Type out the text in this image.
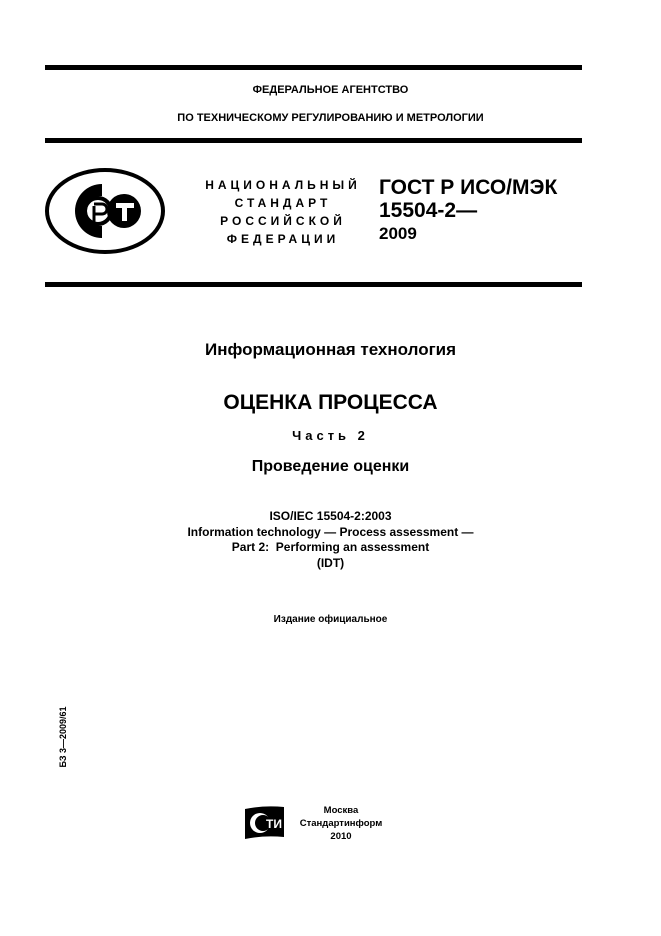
ФЕДЕРАЛЬНОЕ АГЕНТСТВО
ПО ТЕХНИЧЕСКОМУ РЕГУЛИРОВАНИЮ И МЕТРОЛОГИИ
НАЦИОНАЛЬНЫЙ
СТАНДАРТ
РОССИЙСКОЙ
ФЕДЕРАЦИИ
ГОСТ Р ИСО/МЭК
15504-2—
2009
Информационная технология
ОЦЕНКА ПРОЦЕССА
Часть 2
Проведение оценки
ISO/IEC 15504-2:2003
Information technology — Process assessment —
Part 2:  Performing an assessment
(IDT)
Издание официальное
БЗ 3—2009/61
ТИ
Москва
Стандартинформ
2010
